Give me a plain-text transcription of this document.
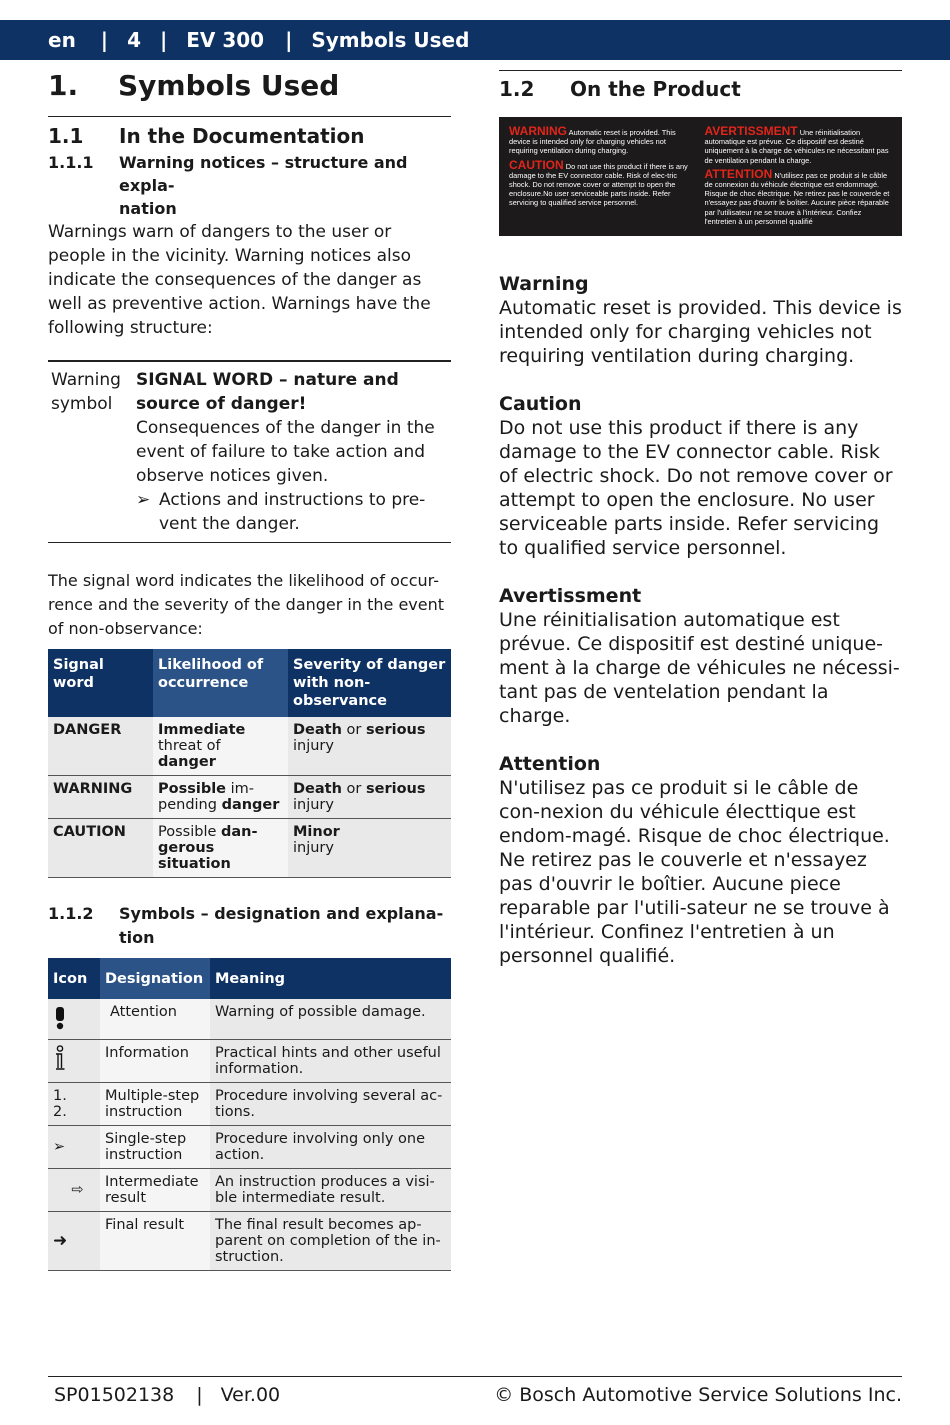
en | 4 | EV 300 | Symbols Used
1.	Symbols Used
1.1	In the Documentation
1.1.1	Warning notices – structure and expla-
nation

Warnings warn of dangers to the user or people in the vicinity. Warning notices also indicate the consequences of the danger as well as preventive action. Warnings have the following structure:

Warning symbol
SIGNAL WORD – nature and source of danger!
Consequences of the danger in the event of failure to take action and observe notices given.
➢ Actions and instructions to pre-vent the danger.

The signal word indicates the likelihood of occur-rence and the severity of the danger in the event of non-observance:

Signal word	Likelihood of occurrence	Severity of danger with non-observance
DANGER	Immediate threat of danger	Death or serious
injury
WARNING	Possible im-pending danger	Death or serious
injury
CAUTION	Possible dan-gerous situation	Minor
injury
1.1.2	Symbols – designation and explana-
tion
Icon	Designation	Meaning
	Attention	Warning of possible damage.
	Information	Practical hints and other useful information.
1.
2.	Multiple-step instruction	Procedure involving several ac-tions.
➢	Single-step instruction	Procedure involving only one action.
⇨	Intermediate result	An instruction produces a visi-ble intermediate result.
➜	Final result	The final result becomes ap-parent on completion of the in-struction.
1.2	On the Product

WARNING Automatic reset is provided. This device is intended only for charging vehicles not requiring ventilation during charging.

CAUTION Do not use this product if there is any damage to the EV connector cable. Risk of elec-tric shock. Do not remove cover or attempt to open the enclosure.No user serviceable parts inside. Refer servicing to qualified service personnel.

AVERTISSMENT Une réinitialisation automatique est prévue. Ce dispositif est destiné uniquement à la charge de véhicules ne nécessitant pas de ventilation pendant la charge.

ATTENTION N'utilisez pas ce produit si le câble de connexion du véhicule électrique est endommagé. Risque de choc électrique. Ne retirez pas le couvercle et n'essayez pas d'ouvrir le boîtier. Aucune pièce réparable par l'utilisateur ne se trouve à l'intérieur. Confiez l'entretien à un personnel qualifié

Warning
Automatic reset is provided. This device is intended only for charging vehicles not requiring ventilation during charging.
Caution
Do not use this product if there is any damage to the EV connector cable. Risk of electric shock. Do not remove cover or attempt to open the enclosure. No user serviceable parts inside. Refer servicing to qualified service personnel.
Avertissment
Une réinitialisation automatique est prévue. Ce dispositif est destiné unique-ment à la charge de véhicules ne nécessi-tant pas de ventelation pendant la charge.
Attention
N'utilisez pas ce produit si le câble de con-nexion du véhicule électtique est endom-magé. Risque de choc électrique. Ne retirez pas le couverle et n'essayez pas d'ouvrir le boîtier. Aucune piece reparable par l'utili-sateur ne se trouve à l'intérieur. Confinez l'entretien à un personnel qualifié.
SP01502138 | Ver.00	© Bosch Automotive Service Solutions Inc.
